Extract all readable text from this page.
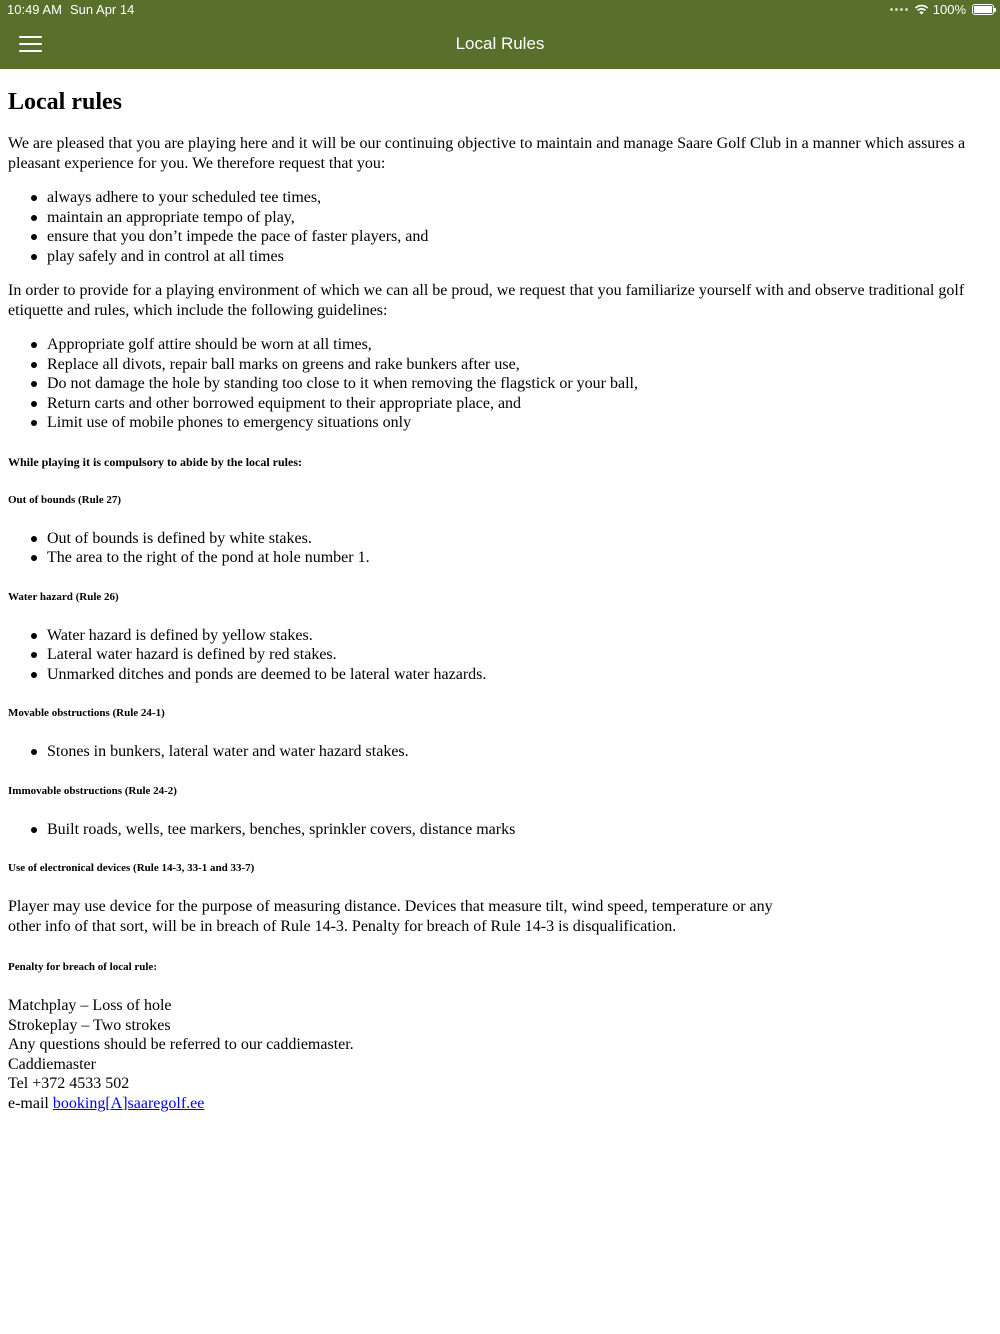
10:49 AM Sun Apr 14	100%
Local Rules
Local rules

We are pleased that you are playing here and it will be our continuing objective to maintain and manage Saare Golf Club in a manner which assures a pleasant experience for you. We therefore request that you:

always adhere to your scheduled tee times,
maintain an appropriate tempo of play,
ensure that you don’t impede the pace of faster players, and
play safely and in control at all times

In order to provide for a playing environment of which we can all be proud, we request that you familiarize yourself with and observe traditional golf etiquette and rules, which include the following guidelines:

Appropriate golf attire should be worn at all times,
Replace all divots, repair ball marks on greens and rake bunkers after use,
Do not damage the hole by standing too close to it when removing the flagstick or your ball,
Return carts and other borrowed equipment to their appropriate place, and
Limit use of mobile phones to emergency situations only
While playing it is compulsory to abide by the local rules:
Out of bounds (Rule 27)
Out of bounds is defined by white stakes.
The area to the right of the pond at hole number 1.
Water hazard (Rule 26)
Water hazard is defined by yellow stakes.
Lateral water hazard is defined by red stakes.
Unmarked ditches and ponds are deemed to be lateral water hazards.
Movable obstructions (Rule 24-1)
Stones in bunkers, lateral water and water hazard stakes.
Immovable obstructions (Rule 24-2)
Built roads, wells, tee markers, benches, sprinkler covers, distance marks
Use of electronical devices (Rule 14-3, 33-1 and 33-7)
Player may use device for the purpose of measuring distance. Devices that measure tilt, wind speed, temperature or any
other info of that sort, will be in breach of Rule 14-3. Penalty for breach of Rule 14-3 is disqualification.
Penalty for breach of local rule:
Matchplay – Loss of hole
Strokeplay – Two strokes
Any questions should be referred to our caddiemaster.
Caddiemaster
Tel +372 4533 502
e-mail booking[A]saaregolf.ee
